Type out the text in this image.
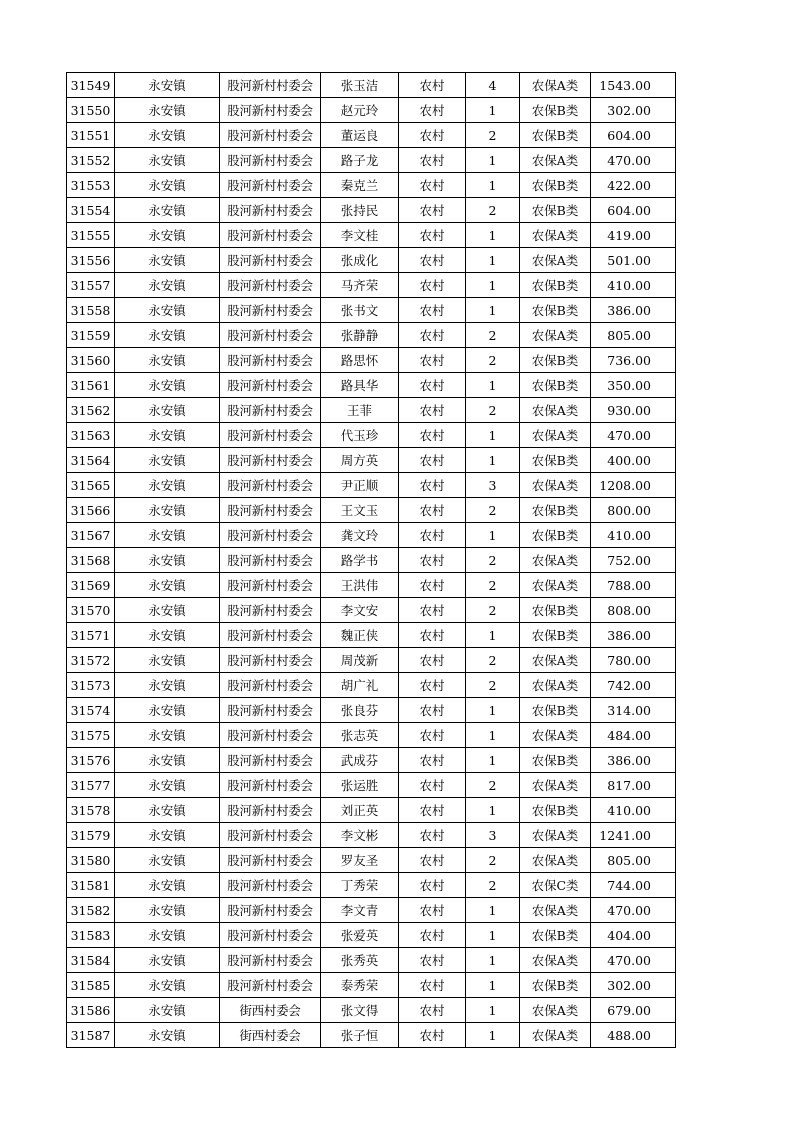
31549	永安镇	股河新村村委会	张玉洁	农村	4	农保A类	1543.00
31550	永安镇	股河新村村委会	赵元玲	农村	1	农保B类	302.00
31551	永安镇	股河新村村委会	董运良	农村	2	农保B类	604.00
31552	永安镇	股河新村村委会	路子龙	农村	1	农保A类	470.00
31553	永安镇	股河新村村委会	秦克兰	农村	1	农保B类	422.00
31554	永安镇	股河新村村委会	张持民	农村	2	农保B类	604.00
31555	永安镇	股河新村村委会	李文桂	农村	1	农保A类	419.00
31556	永安镇	股河新村村委会	张成化	农村	1	农保A类	501.00
31557	永安镇	股河新村村委会	马齐荣	农村	1	农保B类	410.00
31558	永安镇	股河新村村委会	张书文	农村	1	农保B类	386.00
31559	永安镇	股河新村村委会	张静静	农村	2	农保A类	805.00
31560	永安镇	股河新村村委会	路思怀	农村	2	农保B类	736.00
31561	永安镇	股河新村村委会	路具华	农村	1	农保B类	350.00
31562	永安镇	股河新村村委会	王菲	农村	2	农保A类	930.00
31563	永安镇	股河新村村委会	代玉珍	农村	1	农保A类	470.00
31564	永安镇	股河新村村委会	周方英	农村	1	农保B类	400.00
31565	永安镇	股河新村村委会	尹正顺	农村	3	农保A类	1208.00
31566	永安镇	股河新村村委会	王文玉	农村	2	农保B类	800.00
31567	永安镇	股河新村村委会	龚文玲	农村	1	农保B类	410.00
31568	永安镇	股河新村村委会	路学书	农村	2	农保A类	752.00
31569	永安镇	股河新村村委会	王洪伟	农村	2	农保A类	788.00
31570	永安镇	股河新村村委会	李文安	农村	2	农保B类	808.00
31571	永安镇	股河新村村委会	魏正侠	农村	1	农保B类	386.00
31572	永安镇	股河新村村委会	周茂新	农村	2	农保A类	780.00
31573	永安镇	股河新村村委会	胡广礼	农村	2	农保A类	742.00
31574	永安镇	股河新村村委会	张良芬	农村	1	农保B类	314.00
31575	永安镇	股河新村村委会	张志英	农村	1	农保A类	484.00
31576	永安镇	股河新村村委会	武成芬	农村	1	农保B类	386.00
31577	永安镇	股河新村村委会	张运胜	农村	2	农保A类	817.00
31578	永安镇	股河新村村委会	刘正英	农村	1	农保B类	410.00
31579	永安镇	股河新村村委会	李文彬	农村	3	农保A类	1241.00
31580	永安镇	股河新村村委会	罗友圣	农村	2	农保A类	805.00
31581	永安镇	股河新村村委会	丁秀荣	农村	2	农保C类	744.00
31582	永安镇	股河新村村委会	李文青	农村	1	农保A类	470.00
31583	永安镇	股河新村村委会	张爱英	农村	1	农保B类	404.00
31584	永安镇	股河新村村委会	张秀英	农村	1	农保A类	470.00
31585	永安镇	股河新村村委会	泰秀荣	农村	1	农保B类	302.00
31586	永安镇	街西村委会	张文得	农村	1	农保A类	679.00
31587	永安镇	街西村委会	张子恒	农村	1	农保A类	488.00
